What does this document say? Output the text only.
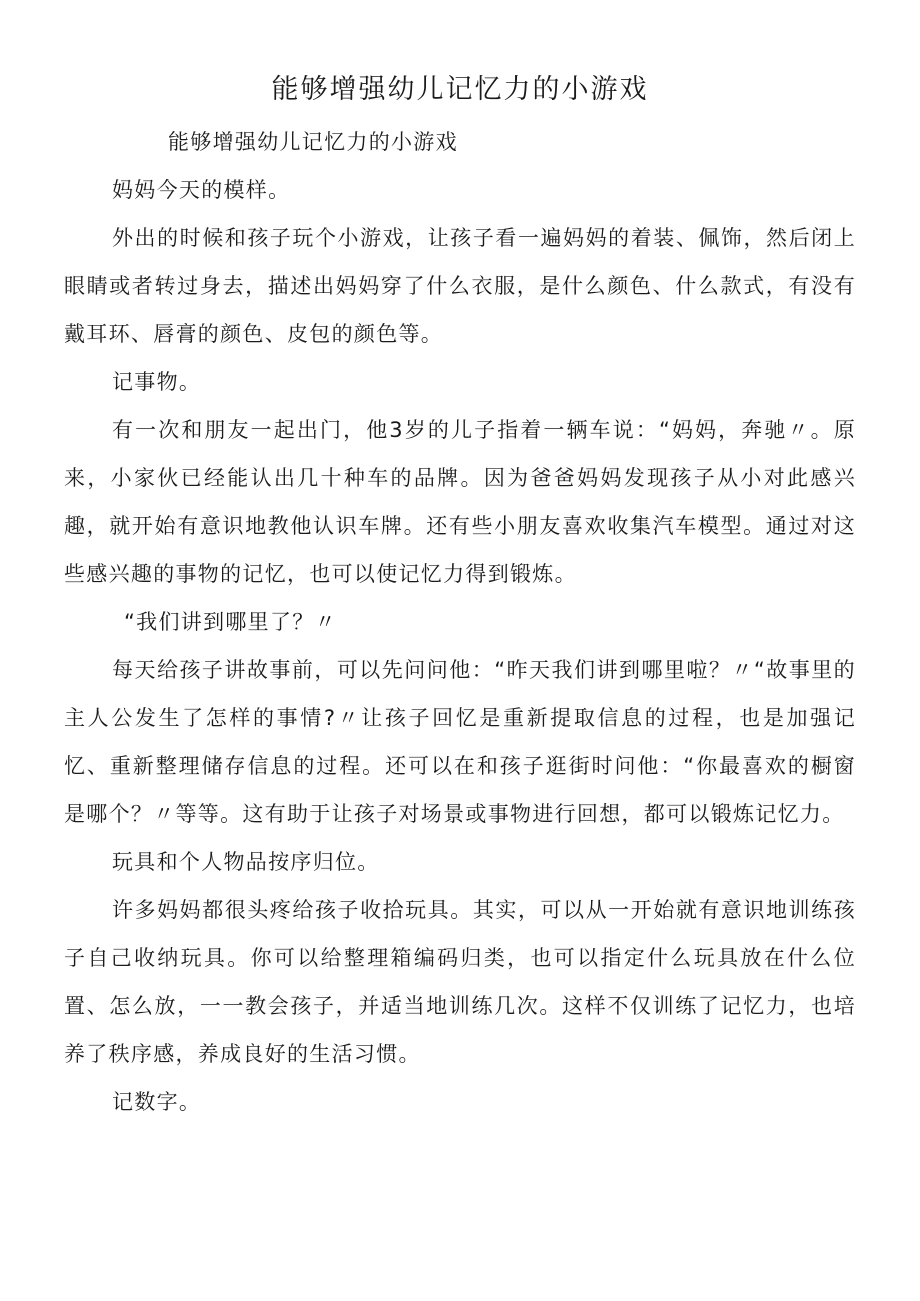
能够增强幼儿记忆力的小游戏

能够增强幼儿记忆力的小游戏

妈妈今天的模样。

外出的时候和孩子玩个小游戏，让孩子看一遍妈妈的着装、佩饰，然后闭上眼睛或者转过身去，描述出妈妈穿了什么衣服，是什么颜色、什么款式，有没有戴耳环、唇膏的颜色、皮包的颜色等。

记事物。

有一次和朋友一起出门，他3岁的儿子指着一辆车说：“妈妈，奔驰〃。原来，小家伙已经能认出几十种车的品牌。因为爸爸妈妈发现孩子从小对此感兴趣，就开始有意识地教他认识车牌。还有些小朋友喜欢收集汽车模型。通过对这些感兴趣的事物的记忆，也可以使记忆力得到锻炼。

“我们讲到哪里了？〃

每天给孩子讲故事前，可以先问问他：“昨天我们讲到哪里啦？〃“故事里的主人公发生了怎样的事情?〃让孩子回忆是重新提取信息的过程，也是加强记忆、重新整理储存信息的过程。还可以在和孩子逛街时问他：“你最喜欢的橱窗是哪个？〃等等。这有助于让孩子对场景或事物进行回想，都可以锻炼记忆力。

玩具和个人物品按序归位。

许多妈妈都很头疼给孩子收拾玩具。其实，可以从一开始就有意识地训练孩子自己收纳玩具。你可以给整理箱编码归类，也可以指定什么玩具放在什么位置、怎么放，一一教会孩子，并适当地训练几次。这样不仅训练了记忆力，也培养了秩序感，养成良好的生活习惯。

记数字。
